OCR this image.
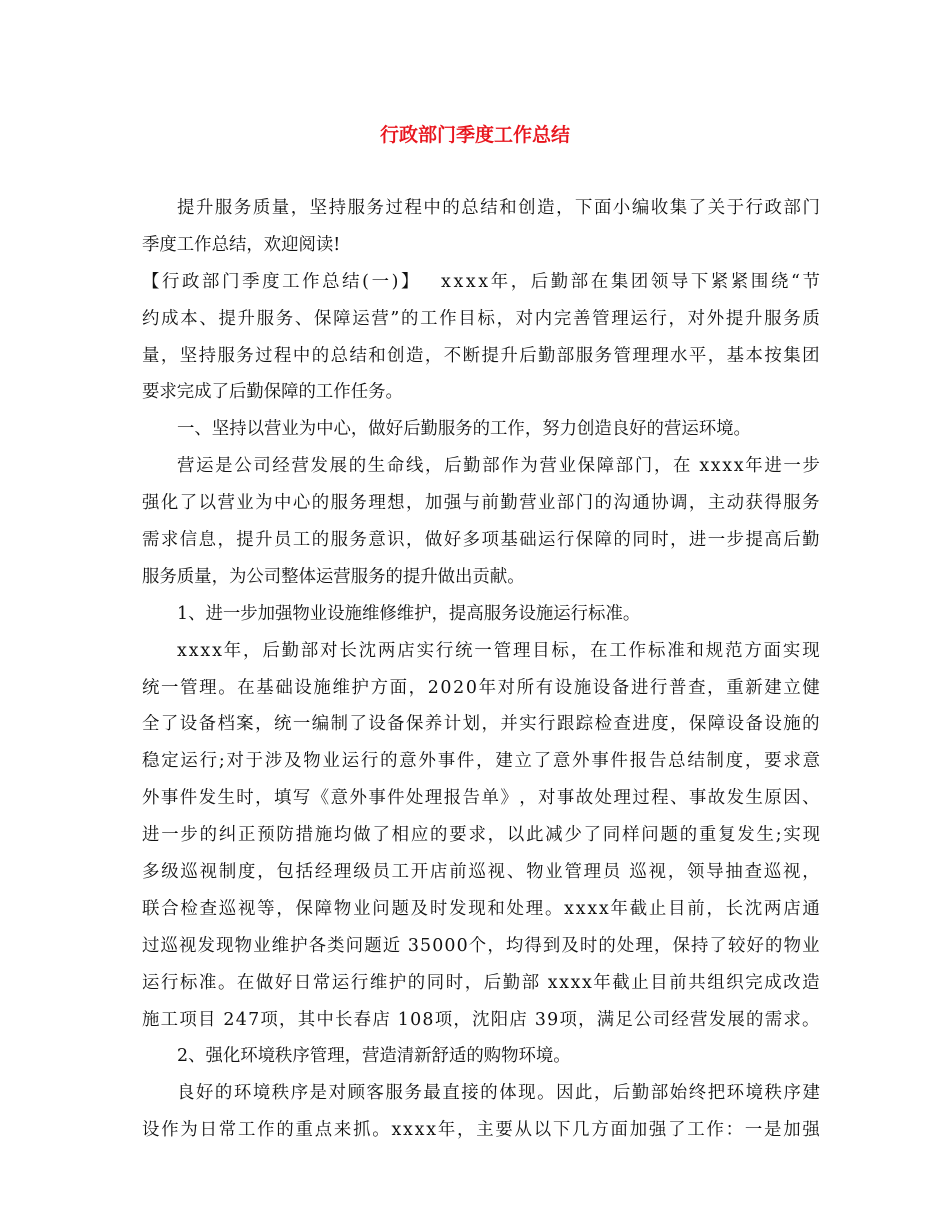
行政部门季度工作总结
提 升 服 务 质 量 ， 坚 持 服 务 过 程 中 的 总 结 和 创 造 ， 下 面 小 编 收 集 了 关 于 行 政 部 门
季度工作总结，欢迎阅读!
【 行 政 部 门 季 度 工 作 总 结 ( 一 ) 】
　 x x x x 年 ， 后 勤 部 在 集 团 领 导 下 紧 紧 围 绕 “ 节
约 成 本 、 提 升 服 务 、 保 障 运 营 ” 的 工 作 目 标 ， 对 内 完 善 管 理 运 行 ， 对 外 提 升 服 务 质
量 ， 坚 持 服 务 过 程 中 的 总 结 和 创 造 ， 不 断 提 升 后 勤 部 服 务 管 理 理 水 平 ， 基 本 按 集 团
要求完成了后勤保障的工作任务。
一、坚持以营业为中心，做好后勤服务的工作，努力创造良好的营运环境。
营 运 是 公 司 经 营 发 展 的 生 命 线 ， 后 勤 部 作 为 营 业 保 障 部 门 ， 在
x x x x 年 进 一 步
强 化 了 以 营 业 为 中 心 的 服 务 理 想 ， 加 强 与 前 勤 营 业 部 门 的 沟 通 协 调 ， 主 动 获 得 服 务
需 求 信 息 ， 提 升 员 工 的 服 务 意 识 ， 做 好 多 项 基 础 运 行 保 障 的 同 时 ， 进 一 步 提 高 后 勤
服务质量，为公司整体运营服务的提升做出贡献。
1、进一步加强物业设施维修维护，提高服务设施运行标准。
x x x x 年 ， 后 勤 部 对 长 沈 两 店 实 行 统 一 管 理 目 标 ， 在 工 作 标 准 和 规 范 方 面 实 现
统 一 管 理 。 在 基 础 设 施 维 护 方 面 ， 2 0 2 0 年 对 所 有 设 施 设 备 进 行 普 查 ， 重 新 建 立 健
全 了 设 备 档 案 ， 统 一 编 制 了 设 备 保 养 计 划 ， 并 实 行 跟 踪 检 查 进 度 ， 保 障 设 备 设 施 的
稳 定 运 行 ; 对 于 涉 及 物 业 运 行 的 意 外 事 件 ， 建 立 了 意 外 事 件 报 告 总 结 制 度 ， 要 求 意
外 事 件 发 生 时 ， 填 写 《 意 外 事 件 处 理 报 告 单 》 ， 对 事 故 处 理 过 程 、 事 故 发 生 原 因 、
进 一 步 的 纠 正 预 防 措 施 均 做 了 相 应 的 要 求 ， 以 此 减 少 了 同 样 问 题 的 重 复 发 生 ; 实 现
多 级 巡 视 制 度 ， 包 括 经 理 级 员 工 开 店 前 巡 视 、 物 业 管 理 员
巡 视 ， 领 导 抽 查 巡 视 ，
联 合 检 查 巡 视 等 ， 保 障 物 业 问 题 及 时 发 现 和 处 理 。 x x x x 年 截 止 目 前 ， 长 沈 两 店 通
过 巡 视 发 现 物 业 维 护 各 类 问 题 近
3 5 0 0 0 个 ， 均 得 到 及 时 的 处 理 ， 保 持 了 较 好 的 物 业
运 行 标 准 。 在 做 好 日 常 运 行 维 护 的 同 时 ， 后 勤 部
x x x x 年 截 止 目 前 共 组 织 完 成 改 造
施 工 项 目
2 4 7 项 ， 其 中 长 春 店
1 0 8 项 ， 沈 阳 店
3 9 项 ， 满 足 公 司 经 营 发 展 的 需 求 。
2、强化环境秩序管理，营造清新舒适的购物环境。
良 好 的 环 境 秩 序 是 对 顾 客 服 务 最 直 接 的 体 现 。 因 此 ， 后 勤 部 始 终 把 环 境 秩 序 建
设 作 为 日 常 工 作 的 重 点 来 抓 。 x x x x 年 ， 主 要 从 以 下 几 方 面 加 强 了 工 作 ： 一 是 加 强
